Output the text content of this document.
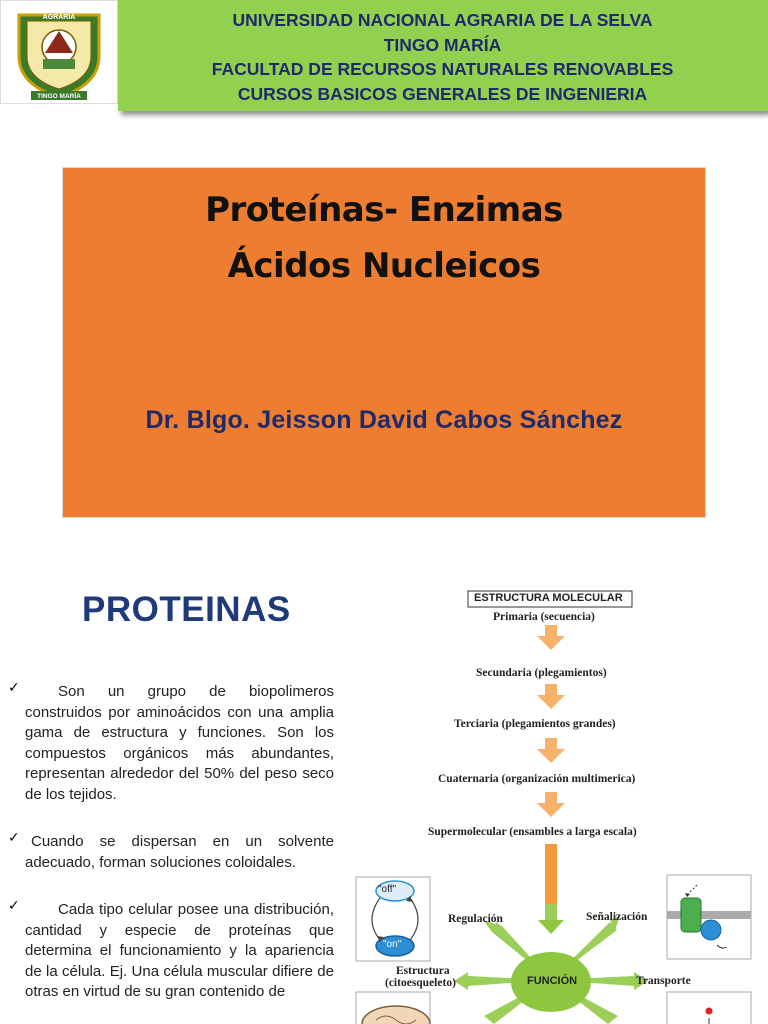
AGRARIA
TINGO MARÍA
UNIVERSIDAD NACIONAL AGRARIA DE LA SELVA
TINGO MARÍA
FACULTAD DE RECURSOS NATURALES RENOVABLES
CURSOS BASICOS GENERALES DE INGENIERIA
Proteínas- Enzimas
Ácidos Nucleicos
Dr. Blgo. Jeisson David Cabos Sánchez
PROTEINAS
✓	Son un grupo de biopolimeros construidos por aminoácidos con una amplia gama de estructura y funciones. Son los compuestos orgánicos más abundantes, representan alrededor del 50% del peso seco de los tejidos.
✓ Cuando se dispersan en un solvente adecuado, forman soluciones coloidales.
✓	Cada tipo celular posee una distribución, cantidad y especie de proteínas que determina el funcionamiento y la apariencia de la célula. Ej. Una célula muscular difiere de otras en virtud de su gran contenido de
ESTRUCTURA MOLECULAR
Primaria (secuencia)
Secundaria (plegamientos)
Terciaria (plegamientos grandes)
Cuaternaria (organización multimerica)
Supermolecular (ensambles a larga escala)
"off"
"on"
Regulación	Señalización
Estructura
(citoesqueleto)	Transporte
FUNCIÓN
